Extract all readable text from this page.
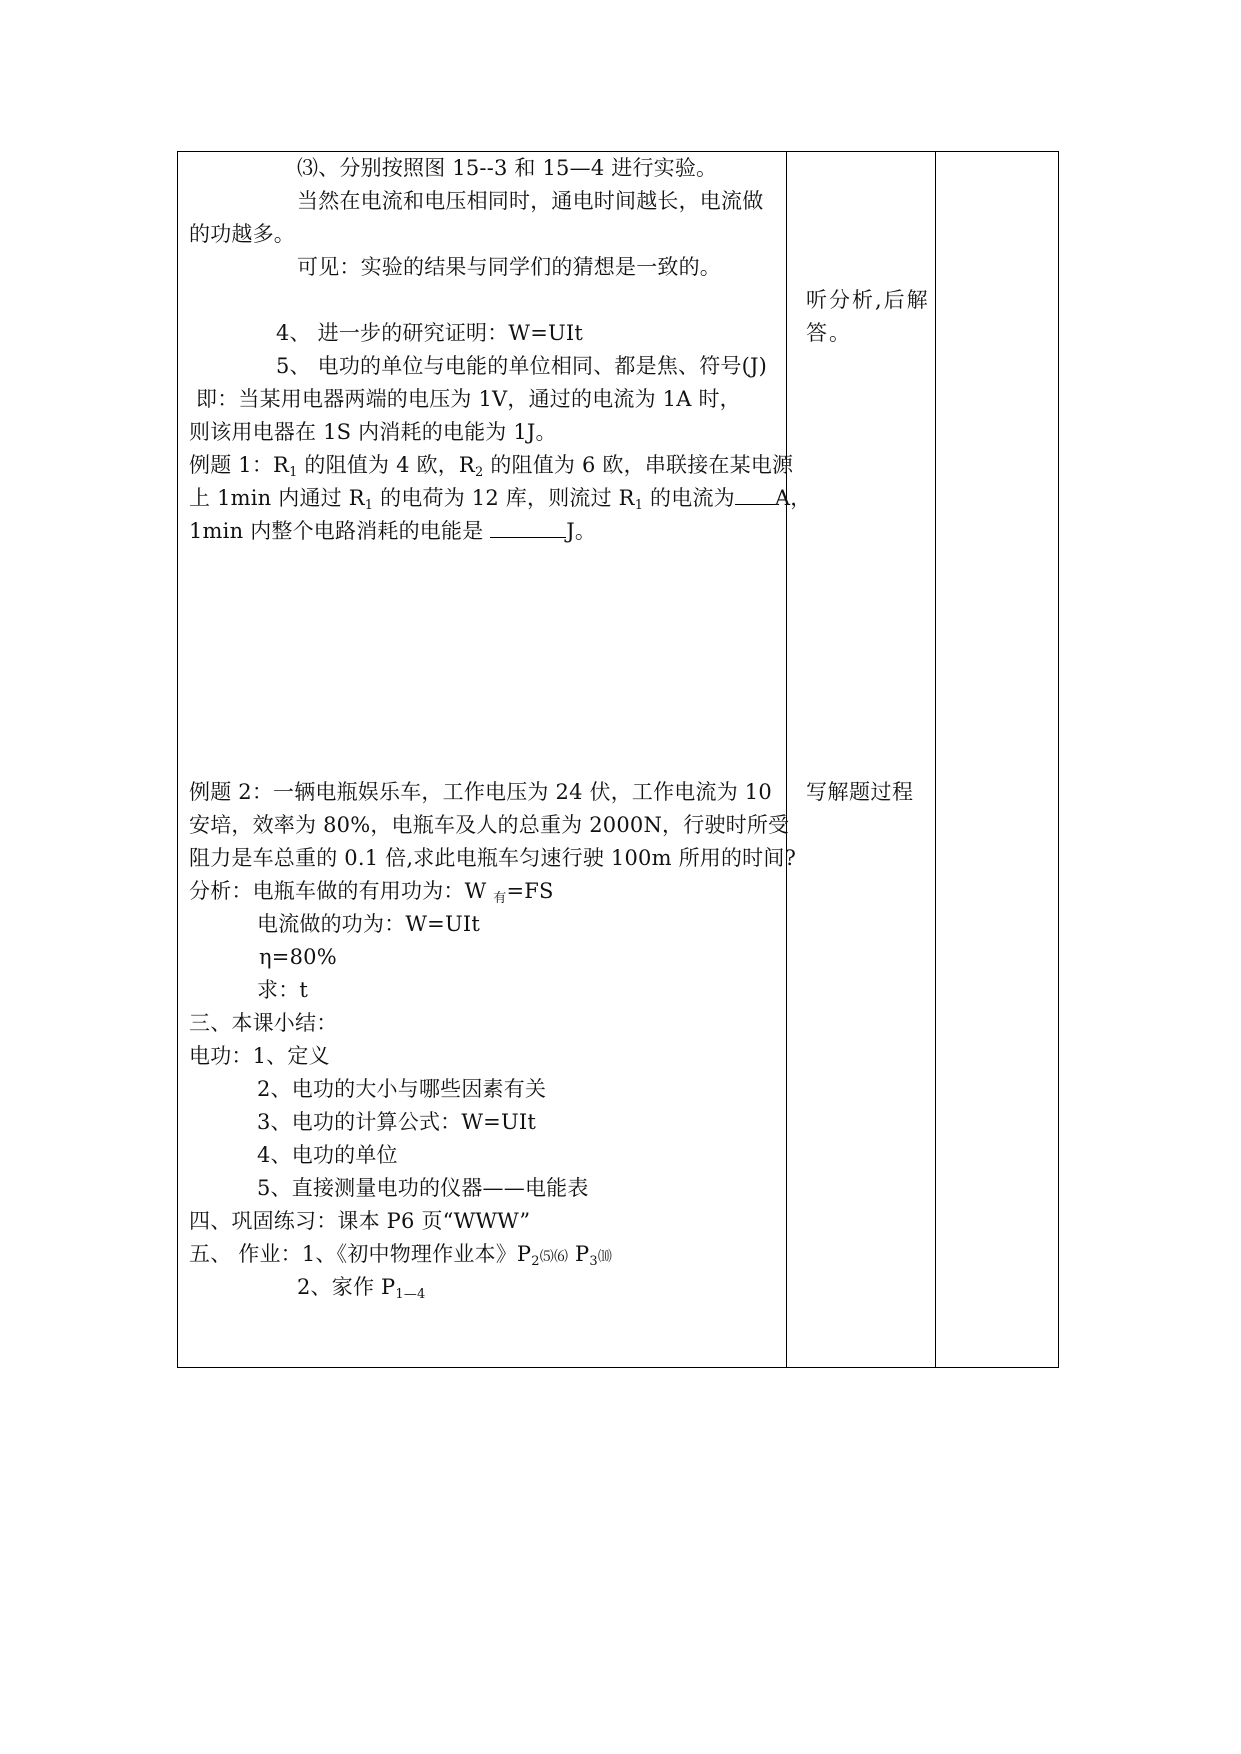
⑶、分别按照图 15--3 和 15—4 进行实验。
当然在电流和电压相同时，通电时间越长，电流做
的功越多。
可见：实验的结果与同学们的猜想是一致的。
4、 进一步的研究证明：W=UIt
5、 电功的单位与电能的单位相同、都是焦、符号(J)
即：当某用电器两端的电压为 1V，通过的电流为 1A 时，
则该用电器在 1S 内消耗的电能为 1J。
例题 1：$R_1$ 的阻值为 4 欧，$R_2$ 的阻值为 6 欧，串联接在某电源
上 1min 内通过 $R_1$ 的电荷为 12 库，则流过 $R_1$ 的电流为 A，
1min 内整个电路消耗的电能是	J。
例题 2：一辆电瓶娱乐车，工作电压为 24 伏，工作电流为 10
安培，效率为 80%，电瓶车及人的总重为 2000N，行驶时所受
阻力是车总重的 0.1 倍,求此电瓶车匀速行驶 100m 所用的时间?
分析：电瓶车做的有用功为：W $_有$=FS
电流做的功为：W=UIt
η=80%
求：t
三、本课小结：
电功：1、定义
2、电功的大小与哪些因素有关
3、电功的计算公式：W=UIt
4、电功的单位
5、直接测量电功的仪器——电能表
四、巩固练习：课本 P6 页“WWW”
五、 作业：1、《初中物理作业本》$P_2⑸⑹$ $P_3⑽$
2、家作 $P_{1—4}$
听分析,后解
答。
写解题过程
